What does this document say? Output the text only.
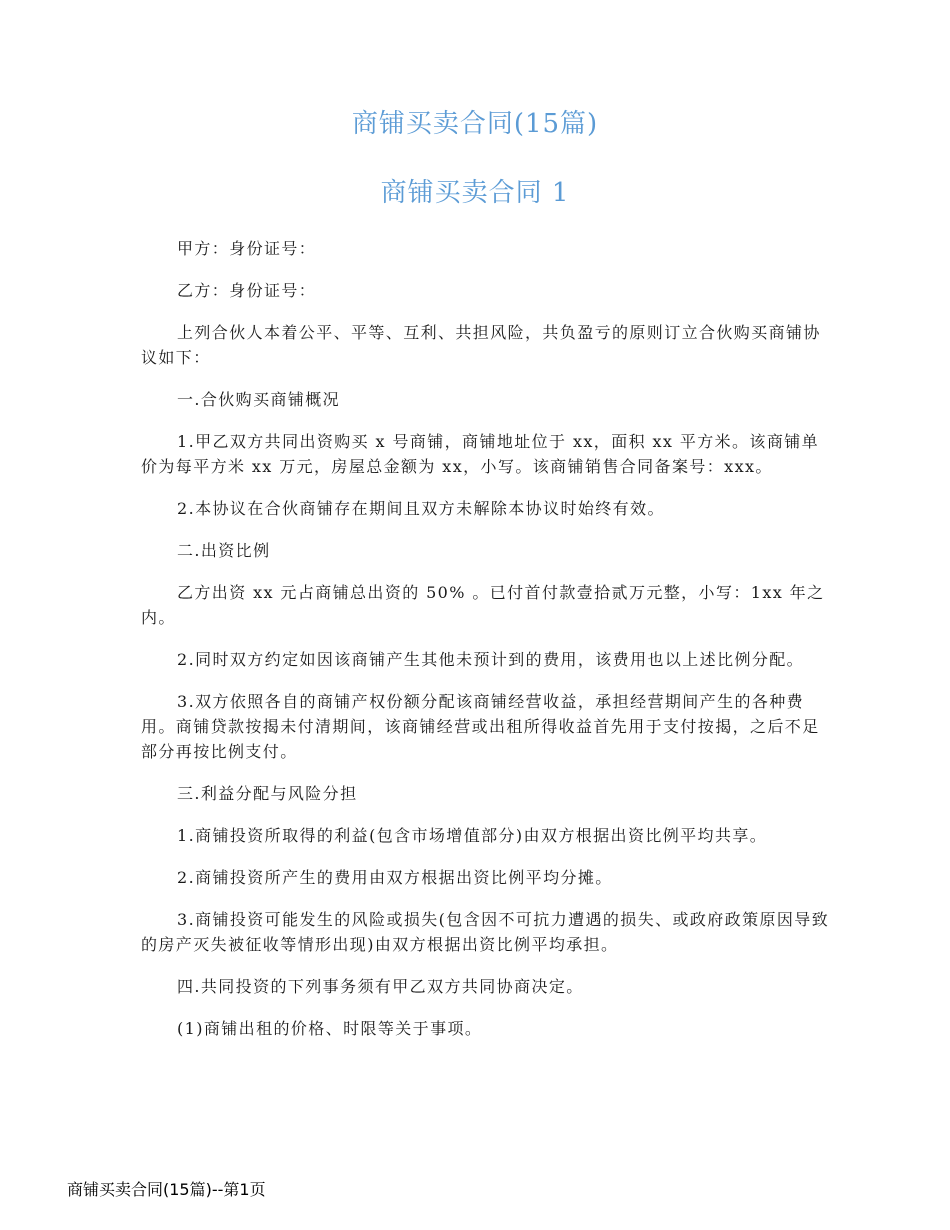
商铺买卖合同(15篇)
商铺买卖合同 1

甲方：身份证号：

乙方：身份证号：

上列合伙人本着公平、平等、互利、共担风险，共负盈亏的原则订立合伙购买商铺协议如下：

一.合伙购买商铺概况

1.甲乙双方共同出资购买 x 号商铺，商铺地址位于 xx，面积 xx 平方米。该商铺单价为每平方米 xx 万元，房屋总金额为 xx，小写。该商铺销售合同备案号：xxx。

2.本协议在合伙商铺存在期间且双方未解除本协议时始终有效。

二.出资比例

乙方出资 xx 元占商铺总出资的 50% 。已付首付款壹拾贰万元整，小写：1xx 年之内。

2.同时双方约定如因该商铺产生其他未预计到的费用，该费用也以上述比例分配。

3.双方依照各自的商铺产权份额分配该商铺经营收益，承担经营期间产生的各种费用。商铺贷款按揭未付清期间，该商铺经营或出租所得收益首先用于支付按揭，之后不足部分再按比例支付。

三.利益分配与风险分担

1.商铺投资所取得的利益(包含市场增值部分)由双方根据出资比例平均共享。

2.商铺投资所产生的费用由双方根据出资比例平均分摊。

3.商铺投资可能发生的风险或损失(包含因不可抗力遭遇的损失、或政府政策原因导致的房产灭失被征收等情形出现)由双方根据出资比例平均承担。

四.共同投资的下列事务须有甲乙双方共同协商决定。

(1)商铺出租的价格、时限等关于事项。

商铺买卖合同(15篇)--第1页
